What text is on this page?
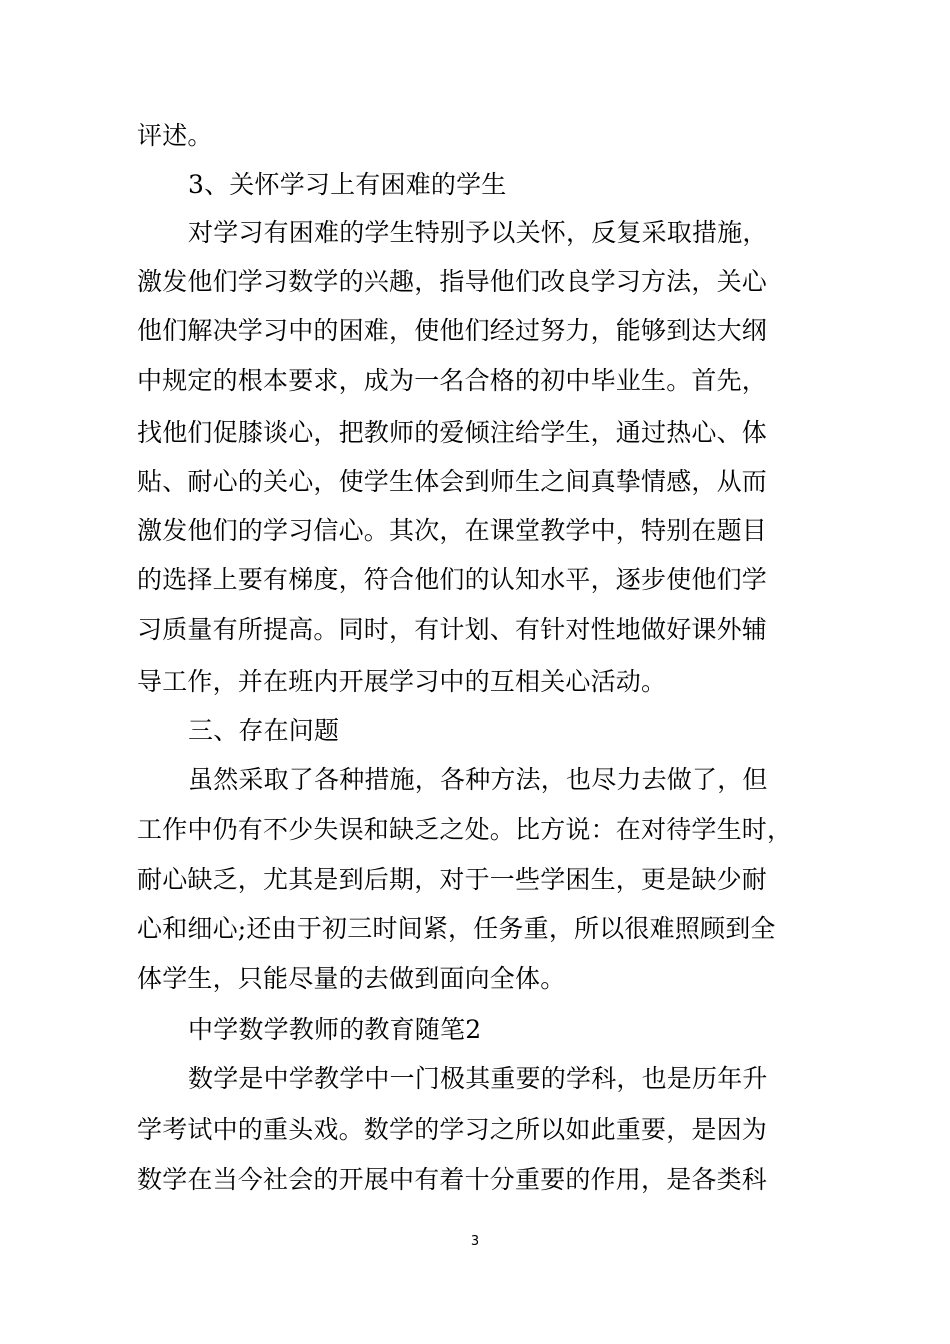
评述。
3、关怀学习上有困难的学生
对学习有困难的学生特别予以关怀，反复采取措施，
激发他们学习数学的兴趣，指导他们改良学习方法，关心
他们解决学习中的困难，使他们经过努力，能够到达大纲
中规定的根本要求，成为一名合格的初中毕业生。首先，
找他们促膝谈心，把教师的爱倾注给学生，通过热心、体
贴、耐心的关心，使学生体会到师生之间真挚情感，从而
激发他们的学习信心。其次，在课堂教学中，特别在题目
的选择上要有梯度，符合他们的认知水平，逐步使他们学
习质量有所提高。同时，有计划、有针对性地做好课外辅
导工作，并在班内开展学习中的互相关心活动。
三、存在问题
虽然采取了各种措施，各种方法，也尽力去做了，但
工作中仍有不少失误和缺乏之处。比方说：在对待学生时，
耐心缺乏，尤其是到后期，对于一些学困生，更是缺少耐
心和细心;还由于初三时间紧，任务重，所以很难照顾到全
体学生，只能尽量的去做到面向全体。
中学数学教师的教育随笔2
数学是中学教学中一门极其重要的学科，也是历年升
学考试中的重头戏。数学的学习之所以如此重要，是因为
数学在当今社会的开展中有着十分重要的作用，是各类科
3
